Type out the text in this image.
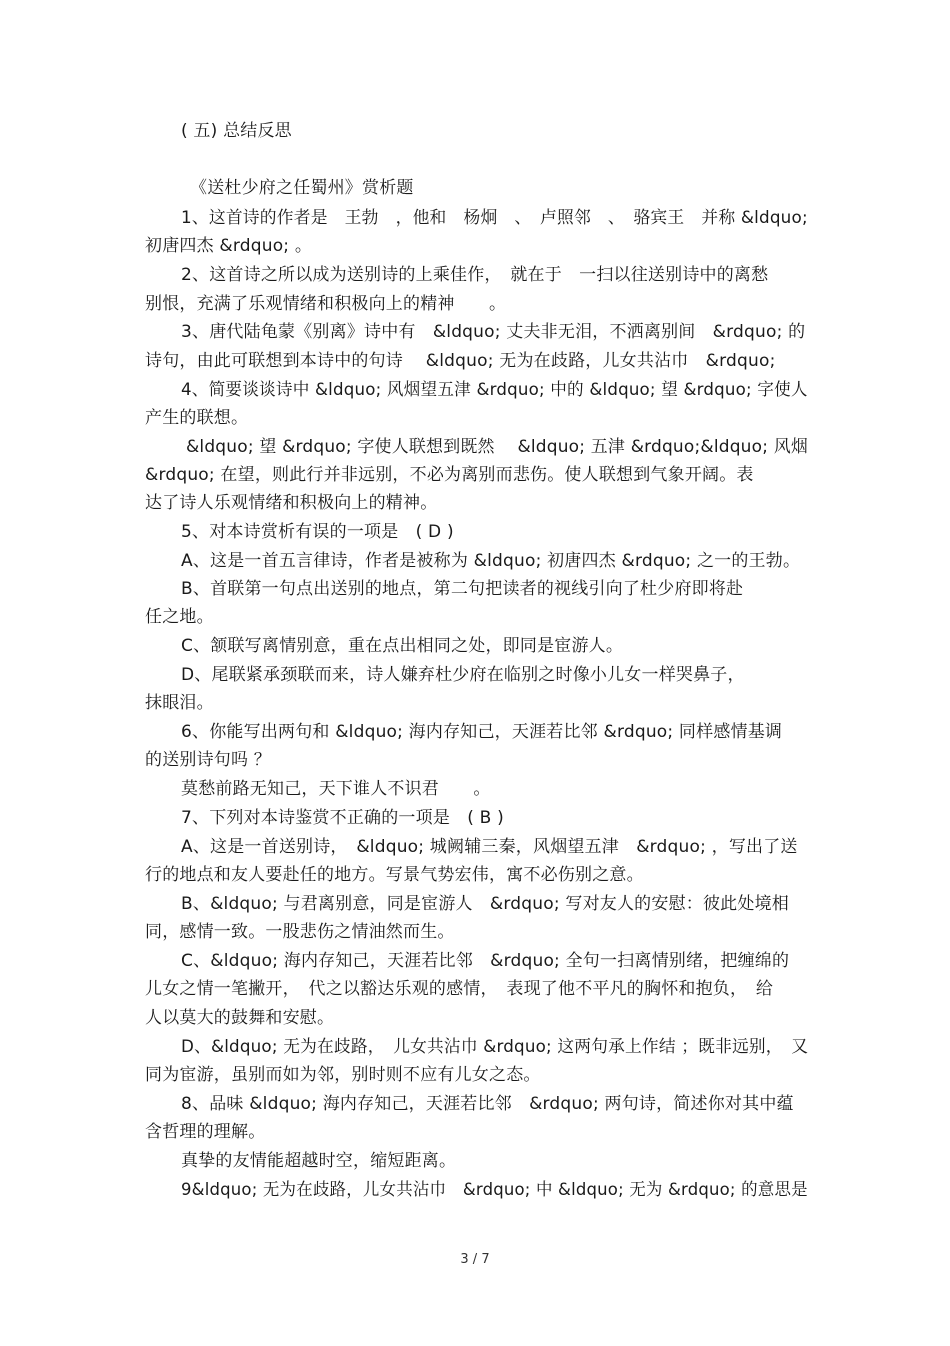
( 五) 总结反思
《送杜少府之任蜀州》赏析题
1、这首诗的作者是　王勃　，他和　杨炯　、　卢照邻　、　骆宾王　并称 &ldquo;
初唐四杰 &rdquo; 。
2、这首诗之所以成为送别诗的上乘佳作，　就在于　一扫以往送别诗中的离愁
别恨，充满了乐观情绪和积极向上的精神　　。
3、唐代陆龟蒙《别离》诗中有　&ldquo; 丈夫非无泪，不洒离别间　&rdquo; 的
诗句，由此可联想到本诗中的句诗　 &ldquo; 无为在歧路，儿女共沾巾　&rdquo;
4、简要谈谈诗中 &ldquo; 风烟望五津 &rdquo; 中的 &ldquo; 望 &rdquo; 字使人
产生的联想。
&ldquo; 望 &rdquo; 字使人联想到既然　 &ldquo; 五津 &rdquo;&ldquo; 风烟
&rdquo; 在望，则此行并非远别，不必为离别而悲伤。使人联想到气象开阔。表
达了诗人乐观情绪和积极向上的精神。
5、对本诗赏析有误的一项是　( D )
A、这是一首五言律诗，作者是被称为 &ldquo; 初唐四杰 &rdquo; 之一的王勃。
B、首联第一句点出送别的地点，第二句把读者的视线引向了杜少府即将赴
任之地。
C、颔联写离情别意，重在点出相同之处，即同是宦游人。
D、尾联紧承颈联而来，诗人嫌弃杜少府在临别之时像小儿女一样哭鼻子，
抹眼泪。
6、你能写出两句和 &ldquo; 海内存知己，天涯若比邻 &rdquo; 同样感情基调
的送别诗句吗 ？
莫愁前路无知己，天下谁人不识君　　。
7、下列对本诗鉴赏不正确的一项是　( B )
A、这是一首送别诗，　&ldquo; 城阙辅三秦，风烟望五津　&rdquo; ，写出了送
行的地点和友人要赴任的地方。写景气势宏伟，寓不必伤别之意。
B、&ldquo; 与君离别意，同是宦游人　&rdquo; 写对友人的安慰：彼此处境相
同，感情一致。一股悲伤之情油然而生。
C、&ldquo; 海内存知己，天涯若比邻　&rdquo; 全句一扫离情别绪，把缠绵的
儿女之情一笔撇开，　代之以豁达乐观的感情，　表现了他不平凡的胸怀和抱负，　给
人以莫大的鼓舞和安慰。
D、&ldquo; 无为在歧路，　儿女共沾巾 &rdquo; 这两句承上作结 ；既非远别，　又
同为宦游，虽别而如为邻，别时则不应有儿女之态。
8、品味 &ldquo; 海内存知己，天涯若比邻　&rdquo; 两句诗，简述你对其中蕴
含哲理的理解。
真挚的友情能超越时空，缩短距离。
9&ldquo; 无为在歧路，儿女共沾巾　&rdquo; 中 &ldquo; 无为 &rdquo; 的意思是
3 / 7
